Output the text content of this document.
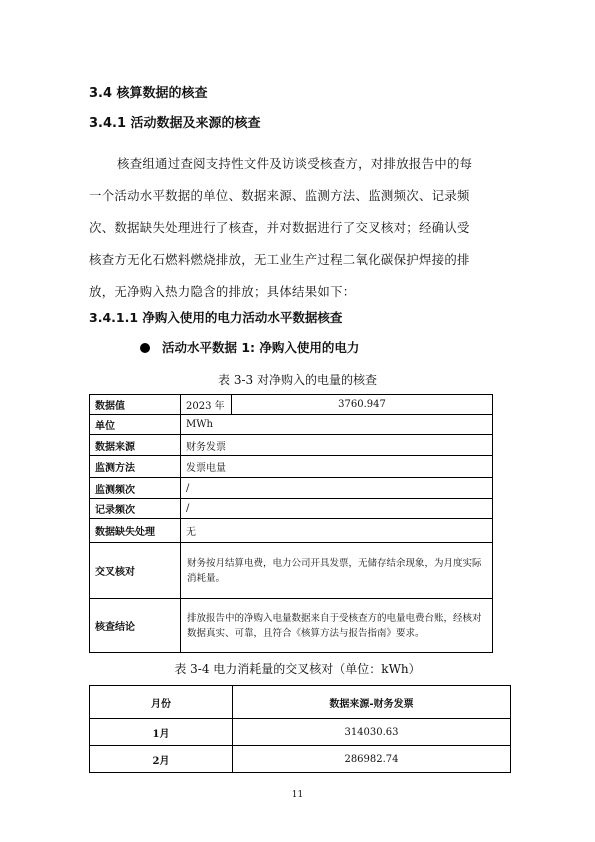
3.4 核算数据的核查
3.4.1 活动数据及来源的核查
核查组通过查阅支持性文件及访谈受核查方，对排放报告中的每
一个活动水平数据的单位、数据来源、监测方法、监测频次、记录频
次、数据缺失处理进行了核查，并对数据进行了交叉核对；经确认受
核查方无化石燃料燃烧排放，无工业生产过程二氧化碳保护焊接的排
放，无净购入热力隐含的排放；具体结果如下：
3.4.1.1 净购入使用的电力活动水平数据核查
活动水平数据 1: 净购入使用的电力
表 3-3 对净购入的电量的核查
数据值	2023 年	3760.947
单位	MWh	
数据来源	财务发票	
监测方法	发票电量	
监测频次	/	
记录频次	/	
数据缺失处理	无	
交叉核对	财务按月结算电费，电力公司开具发票，无储存结余现象，为月度实际消耗量。	
核查结论	排放报告中的净购入电量数据来自于受核查方的电量电费台账，经核对数据真实、可靠，且符合《核算方法与报告指南》要求。	
表 3-4 电力消耗量的交叉核对（单位：kWh）
月份	数据来源-财务发票
1月	314030.63
2月	286982.74
11
